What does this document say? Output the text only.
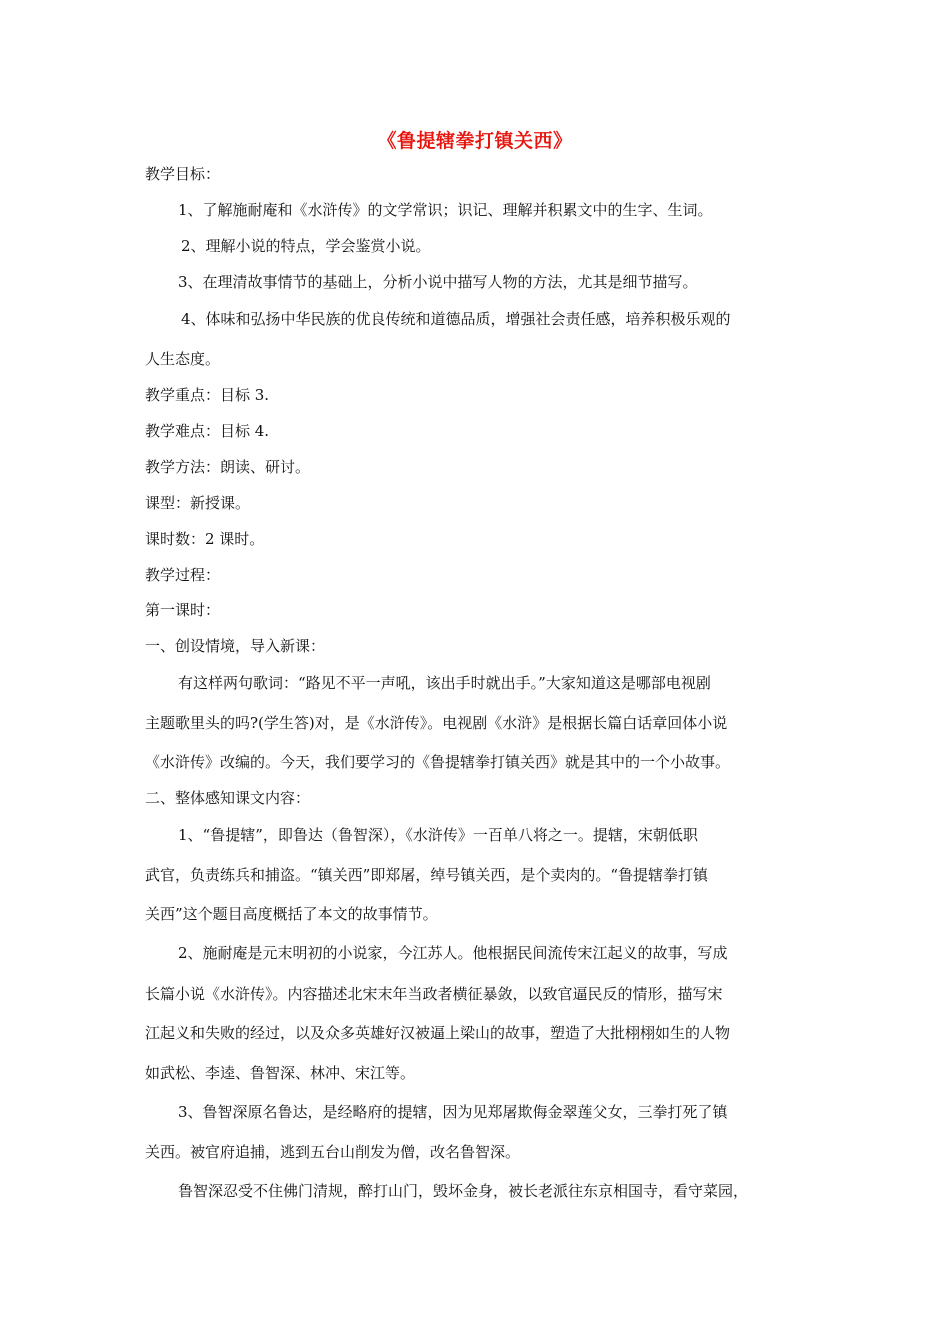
《鲁提辖拳打镇关西》
教学目标：
1、了解施耐庵和《水浒传》的文学常识；识记、理解并积累文中的生字、生词。
2、理解小说的特点，学会鉴赏小说。
3、在理清故事情节的基础上，分析小说中描写人物的方法，尤其是细节描写。
4、体味和弘扬中华民族的优良传统和道德品质，增强社会责任感，培养积极乐观的
人生态度。
教学重点：目标 3.
教学难点：目标 4.
教学方法：朗读、研讨。
课型：新授课。
课时数：2 课时。
教学过程：
第一课时：
一、创设情境，导入新课：
有这样两句歌词：“路见不平一声吼，该出手时就出手。”大家知道这是哪部电视剧
主题歌里头的吗?(学生答)对，是《水浒传》。电视剧《水浒》是根据长篇白话章回体小说
《水浒传》改编的。今天，我们要学习的《鲁提辖拳打镇关西》就是其中的一个小故事。
二、整体感知课文内容：
1、“鲁提辖”，即鲁达（鲁智深），《水浒传》一百单八将之一。提辖，宋朝低职
武官，负责练兵和捕盗。“镇关西”即郑屠，绰号镇关西，是个卖肉的。“鲁提辖拳打镇
关西”这个题目高度概括了本文的故事情节。
2、施耐庵是元末明初的小说家，今江苏人。他根据民间流传宋江起义的故事，写成
长篇小说《水浒传》。内容描述北宋末年当政者横征暴敛，以致官逼民反的情形，描写宋
江起义和失败的经过，以及众多英雄好汉被逼上梁山的故事，塑造了大批栩栩如生的人物
如武松、李逵、鲁智深、林冲、宋江等。
3、鲁智深原名鲁达，是经略府的提辖，因为见郑屠欺侮金翠莲父女，三拳打死了镇
关西。被官府追捕，逃到五台山削发为僧，改名鲁智深。
鲁智深忍受不住佛门清规，醉打山门，毁坏金身，被长老派往东京相国寺，看守菜园，
